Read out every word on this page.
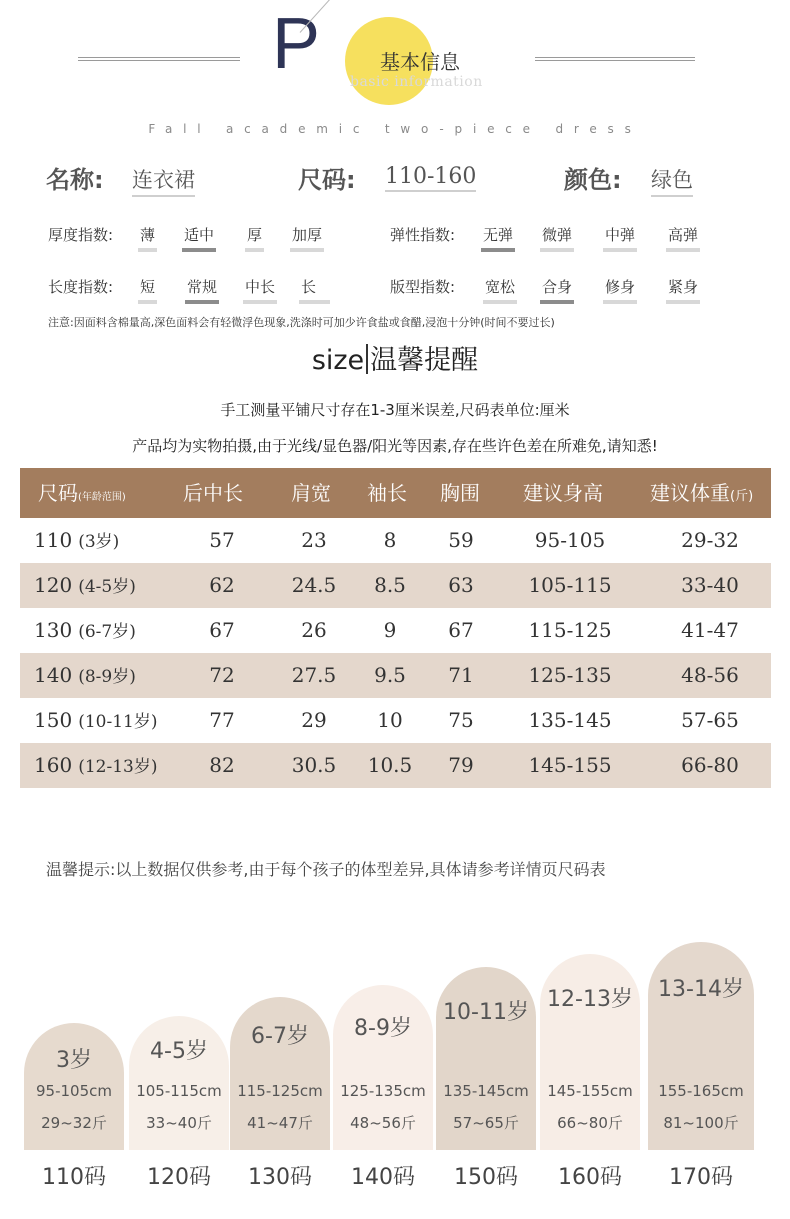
P	基本信息
basic information
Fall academic two-piece dress
名称: 连衣裙	尺码: 110-160	颜色: 绿色
厚度指数: 薄 适中 厚 加厚	弹性指数: 无弹 微弹 中弹 高弹
长度指数: 短 常规 中长 长	版型指数: 宽松 合身 修身 紧身
注意:因面料含棉量高,深色面料会有轻微浮色现象,洗涤时可加少许食盐或食醋,浸泡十分钟(时间不要过长)
size 温馨提醒
手工测量平铺尺寸存在1-3厘米误差,尺码表单位:厘米
产品均为实物拍摄,由于光线/显色器/阳光等因素,存在些许色差在所难免,请知悉!
尺码(年龄范围)	后中长 肩宽 袖长 胸围 建议身高 建议体重(斤)
110 (3岁)	57	23	8	59	95-105	29-32
120 (4-5岁)	62	24.5	8.5	63	105-115	33-40
130 (6-7岁)	67	26	9	67	115-125	41-47
140 (8-9岁)	72	27.5	9.5	71	125-135	48-56
150 (10-11岁)	77	29	10	75	135-145	57-65
160 (12-13岁)	82	30.5 10.5	79	145-155	66-80
温馨提示:以上数据仅供参考,由于每个孩子的体型差异,具体请参考详情页尺码表
3岁
95-105cm
29~32斤
110码
4-5岁
105-115cm
33~40斤
120码
6-7岁
115-125cm
41~47斤
130码
8-9岁
125-135cm
48~56斤
140码
10-11岁
135-145cm
57~65斤
150码
12-13岁
145-155cm
66~80斤
160码
13-14岁
155-165cm
81~100斤
170码
